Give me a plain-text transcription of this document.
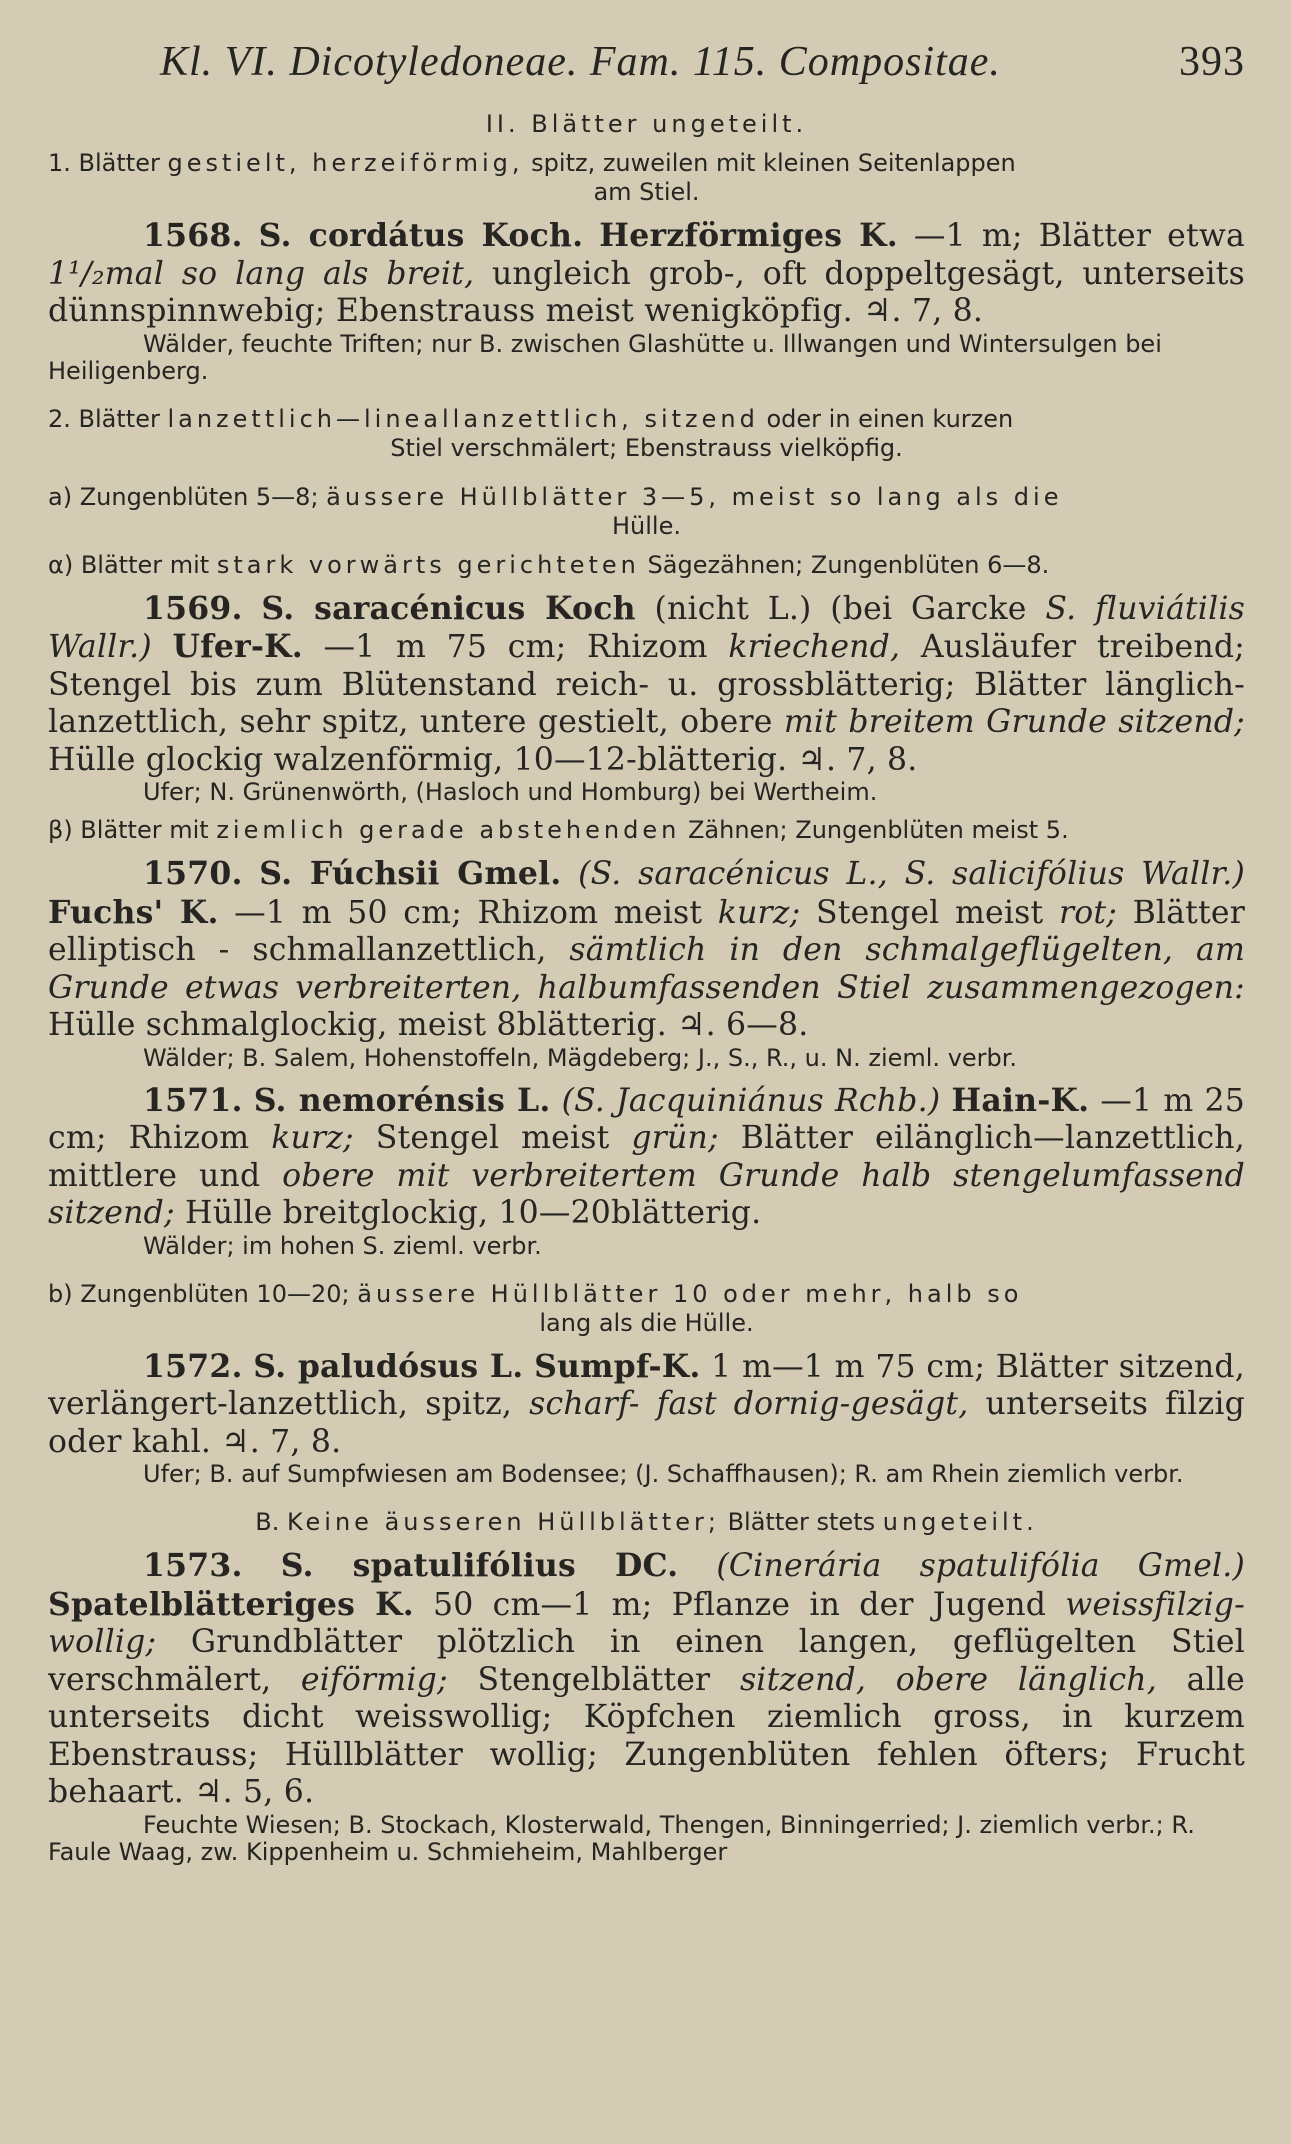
Kl. VI. Dicotyledoneae. Fam. 115. Compositae.	393
II. Blätter ungeteilt.
1. Blätter gestielt, herzeiförmig, spitz, zuweilen mit kleinen Seitenlappen
am Stiel.
1568. S. cordátus Koch. Herzförmiges K. —1 m; Blätter etwa 1¹/₂mal so lang als breit, ungleich grob-, oft doppeltgesägt, unterseits dünnspinnwebig; Ebenstrauss meist wenigköpfig. ♃. 7, 8.
Wälder, feuchte Triften; nur B. zwischen Glashütte u. Illwangen und Wintersulgen bei Heiligenberg.
2. Blätter lanzettlich—lineallanzettlich, sitzend oder in einen kurzen
Stiel verschmälert; Ebenstrauss vielköpfig.
a) Zungenblüten 5—8; äussere Hüllblätter 3—5, meist so lang als die
Hülle.
α) Blätter mit stark vorwärts gerichteten Sägezähnen; Zungenblüten 6—8.
1569. S. saracénicus Koch (nicht L.) (bei Garcke S. fluviátilis Wallr.) Ufer-K. —1 m 75 cm; Rhizom kriechend, Ausläufer treibend; Stengel bis zum Blütenstand reich- u. grossblätterig; Blätter länglich-lanzettlich, sehr spitz, untere gestielt, obere mit breitem Grunde sitzend; Hülle glockig walzenförmig, 10—12-blätterig. ♃. 7, 8.
Ufer; N. Grünenwörth, (Hasloch und Homburg) bei Wertheim.
β) Blätter mit ziemlich gerade abstehenden Zähnen; Zungenblüten meist 5.
1570. S. Fúchsii Gmel. (S. saracénicus L., S. salicifólius Wallr.) Fuchs' K. —1 m 50 cm; Rhizom meist kurz; Stengel meist rot; Blätter elliptisch - schmallanzettlich, sämtlich in den schmalgeflügelten, am Grunde etwas verbreiterten, halbumfassenden Stiel zusammengezogen: Hülle schmalglockig, meist 8blätterig. ♃. 6—8.
Wälder; B. Salem, Hohenstoffeln, Mägdeberg; J., S., R., u. N. zieml. verbr.
1571. S. nemorénsis L. (S. Jacquiniánus Rchb.) Hain-K. —1 m 25 cm; Rhizom kurz; Stengel meist grün; Blätter eilänglich—lanzettlich, mittlere und obere mit verbreitertem Grunde halb stengelumfassend sitzend; Hülle breitglockig, 10—20blätterig.
Wälder; im hohen S. zieml. verbr.
b) Zungenblüten 10—20; äussere Hüllblätter 10 oder mehr, halb so
lang als die Hülle.
1572. S. paludósus L. Sumpf-K. 1 m—1 m 75 cm; Blätter sitzend, verlängert-lanzettlich, spitz, scharf- fast dornig-gesägt, unterseits filzig oder kahl. ♃. 7, 8.
Ufer; B. auf Sumpfwiesen am Bodensee; (J. Schaffhausen); R. am Rhein ziemlich verbr.
B. Keine äusseren Hüllblätter; Blätter stets ungeteilt.
1573. S. spatulifólius DC. (Cinerária spatulifólia Gmel.) Spatelblätteriges K. 50 cm—1 m; Pflanze in der Jugend weissfilzig-wollig; Grundblätter plötzlich in einen langen, geflügelten Stiel verschmälert, eiförmig; Stengelblätter sitzend, obere länglich, alle unterseits dicht weisswollig; Köpfchen ziemlich gross, in kurzem Ebenstrauss; Hüllblätter wollig; Zungenblüten fehlen öfters; Frucht behaart. ♃. 5, 6.
Feuchte Wiesen; B. Stockach, Klosterwald, Thengen, Binningerried; J. ziemlich verbr.; R. Faule Waag, zw. Kippenheim u. Schmieheim, Mahlberger
